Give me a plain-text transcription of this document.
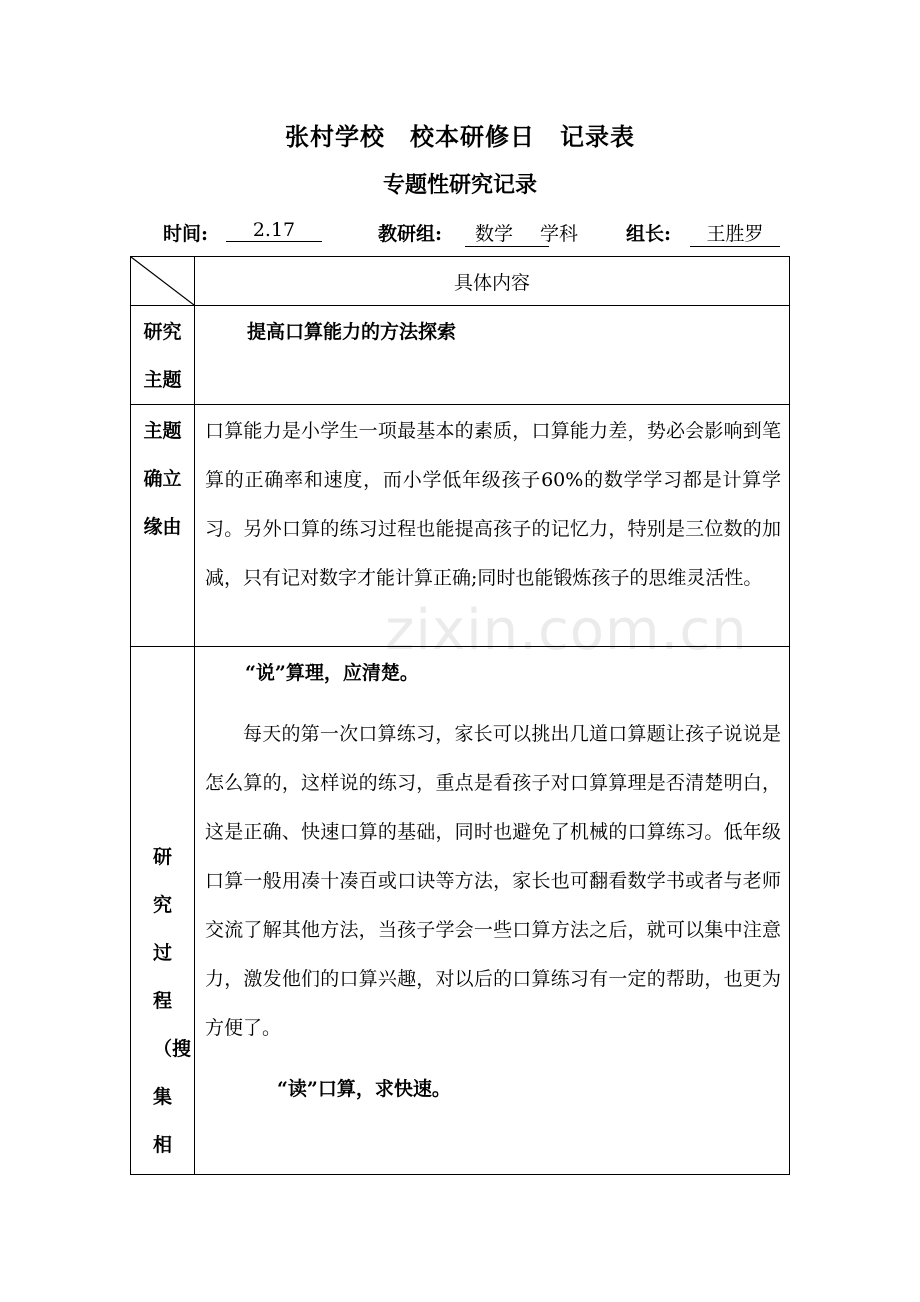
张村学校　校本研修日　记录表
专题性研究记录
时间:	2.17	教研组:	数学	学科	组长:	王胜罗
	具体内容

研究主题	提高口算能力的方法探索

主题确立缘由	口算能力是小学生一项最基本的素质，口算能力差，势必会影响到笔算的正确率和速度，而小学低年级孩子60%的数学学习都是计算学习。另外口算的练习过程也能提高孩子的记忆力，特别是三位数的加减，只有记对数字才能计算正确;同时也能锻炼孩子的思维灵活性。

研究过程（搜集相	“说”算理，应清楚。

每天的第一次口算练习，家长可以挑出几道口算题让孩子说说是怎么算的，这样说的练习，重点是看孩子对口算算理是否清楚明白，这是正确、快速口算的基础，同时也避免了机械的口算练习。低年级口算一般用凑十凑百或口诀等方法，家长也可翻看数学书或者与老师交流了解其他方法，当孩子学会一些口算方法之后，就可以集中注意力，激发他们的口算兴趣，对以后的口算练习有一定的帮助，也更为方便了。

“读”口算，求快速。

zixin.com.cn
